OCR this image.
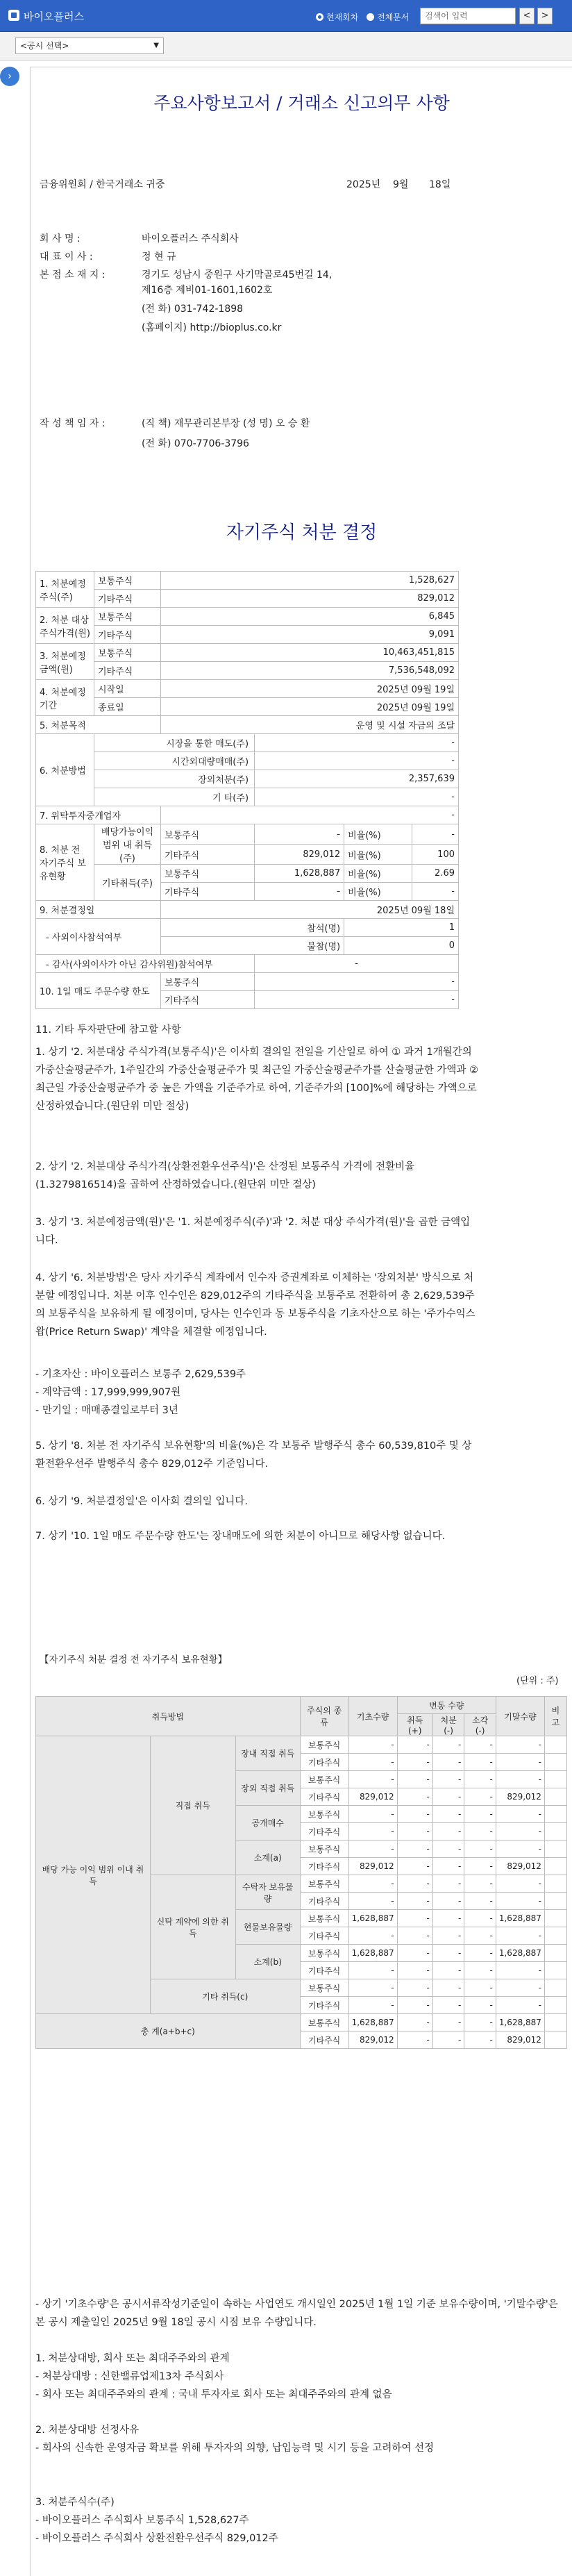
바이오플러스	현재회차	전체문서	검색어 입력	<	>
<공시 선택>	▼
›
주요사항보고서 / 거래소 신고의무 사항
금융위원회 / 한국거래소 귀중	2025년 9월 18일
회 사 명 :	바이오플러스 주식회사
대 표 이 사 :	정 현 규
본 점 소 재 지 :	경기도 성남시 중원구 사기막골로45번길 14,
제16층 제비01-1601,1602호
(전 화) 031-742-1898
(홈페이지) http://bioplus.co.kr
작 성 책 임 자 :	(직 책) 재무관리본부장 (성 명) 오 승 환
(전 화) 070-7706-3796
자기주식 처분 결정
1. 처분예정주식(주)	보통주식	1,528,627			
	기타주식	829,012			
2. 처분 대상 주식가격(원)	보통주식	6,845			
	기타주식	9,091			
3. 처분예정금액(원)	보통주식	10,463,451,815			
	기타주식	7,536,548,092			
4. 처분예정기간	시작일	2025년 09월 19일			
	종료일	2025년 09월 19일			
5. 처분목적		운영 및 시설 자금의 조달			
6. 처분방법	시장을 통한 매도(주)		-		
	시간외대량매매(주)		-		
	장외처분(주)		2,357,639		
	기 타(주)		-		
7. 위탁투자중개업자		-			
8. 처분 전 자기주식 보유현황	배당가능이익 범위 내 취득(주)	보통주식	-	비율(%)	-
		기타주식	829,012	비율(%)	100
	기타취득(주)	보통주식	1,628,887	비율(%)	2.69
		기타주식	-	비율(%)	-
9. 처분결정일		2025년 09월 18일			
- 사외이사참석여부		참석(명)		1	
		불참(명)		0	
- 감사(사외이사가 아닌 감사위원)참석여부			-		
10. 1일 매도 주문수량 한도		보통주식	-		
		기타주식	-		
11. 기타 투자판단에 참고할 사항
1. 상기 '2. 처분대상 주식가격(보통주식)'은 이사회 결의일 전일을 기산일로 하여 ① 과거 1개월간의 가중산술평균주가, 1주일간의 가중산술평균주가 및 최근일 가중산술평균주가를 산술평균한 가액과 ② 최근일 가중산술평균주가 중 높은 가액을 기준주가로 하여, 기준주가의 [100]%에 해당하는 가액으로 산정하였습니다.(원단위 미만 절상)
2. 상기 '2. 처분대상 주식가격(상환전환우선주식)'은 산정된 보통주식 가격에 전환비율(1.327981651​4)을 곱하여 산정하였습니다.(원단위 미만 절상)
3. 상기 '3. 처분예정금액(원)'은 '1. 처분예정주식(주)'과 '2. 처분 대상 주식가격(원)'을 곱한 금액입니다.
4. 상기 '6. 처분방법'은 당사 자기주식 계좌에서 인수자 증권계좌로 이체하는 '장외처분' 방식으로 처분할 예정입니다. 처분 이후 인수인은 829,012주의 기타주식을 보통주로 전환하여 총 2,629,539주의 보통주식을 보유하게 될 예정이며, 당사는 인수인과 동 보통주식을 기초자산으로 하는 '주가수익스왑(Price Return Swap)' 계약을 체결할 예정입니다.
- 기초자산 : 바이오플러스 보통주 2,629,539주
- 계약금액 : 17,999,999,907원
- 만기일 : 매매종결일로부터 3년
5. 상기 '8. 처분 전 자기주식 보유현황'의 비율(%)은 각 보통주 발행주식 총수 60,539,810주 및 상환전환우선주 발행주식 총수 829,012주 기준입니다.
6. 상기 '9. 처분결정일'은 이사회 결의일 입니다.
7. 상기 '10. 1일 매도 주문수량 한도'는 장내매도에 의한 처분이 아니므로 해당사항 없습니다.
【자기주식 처분 결정 전 자기주식 보유현황】
(단위 : 주)
취득방법			주식의 종류	기초수량	변동 수량			기말수량	비고
					취득(+)	처분(-)	소각(-)		
배당 가능 이익 범위 이내 취득	직접 취득	장내 직접 취득	보통주식	-	-	-	-	-	
			기타주식	-	-	-	-	-	
		장외 직접 취득	보통주식	-	-	-	-	-	
			기타주식	829,012	-	-	-	829,012	
		공개매수	보통주식	-	-	-	-	-	
			기타주식	-	-	-	-	-	
		소계(a)	보통주식	-	-	-	-	-	
			기타주식	829,012	-	-	-	829,012	
	신탁 계약에 의한 취득	수탁자 보유물량	보통주식	-	-	-	-	-	
			기타주식	-	-	-	-	-	
		현물보유물량	보통주식	1,628,887	-	-	-	1,628,887	
			기타주식	-	-	-	-	-	
		소계(b)	보통주식	1,628,887	-	-	-	1,628,887	
			기타주식	-	-	-	-	-	
	기타 취득(c)		보통주식	-	-	-	-	-	
			기타주식	-	-	-	-	-	
총 계(a+b+c)			보통주식	1,628,887	-	-	-	1,628,887	
			기타주식	829,012	-	-	-	829,012	
- 상기 '기초수량'은 공시서류작성기준일이 속하는 사업연도 개시일인 2025년 1월 1일 기준 보유수량이며, '기말수량'은 본 공시 제출일인 2025년 9월 18일 공시 시점 보유 수량입니다.
1. 처분상대방, 회사 또는 최대주주와의 관계
- 처분상대방 : 신한밸류업제13차 주식회사
- 회사 또는 최대주주와의 관계 : 국내 투자자로 회사 또는 최대주주와의 관계 없음
2. 처분상대방 선정사유
- 회사의 신속한 운영자금 확보를 위해 투자자의 의향, 납입능력 및 시기 등을 고려하여 선정
3. 처분주식수(주)
- 바이오플러스 주식회사 보통주식 1,528,627주
- 바이오플러스 주식회사 상환전환우선주식 829,012주
